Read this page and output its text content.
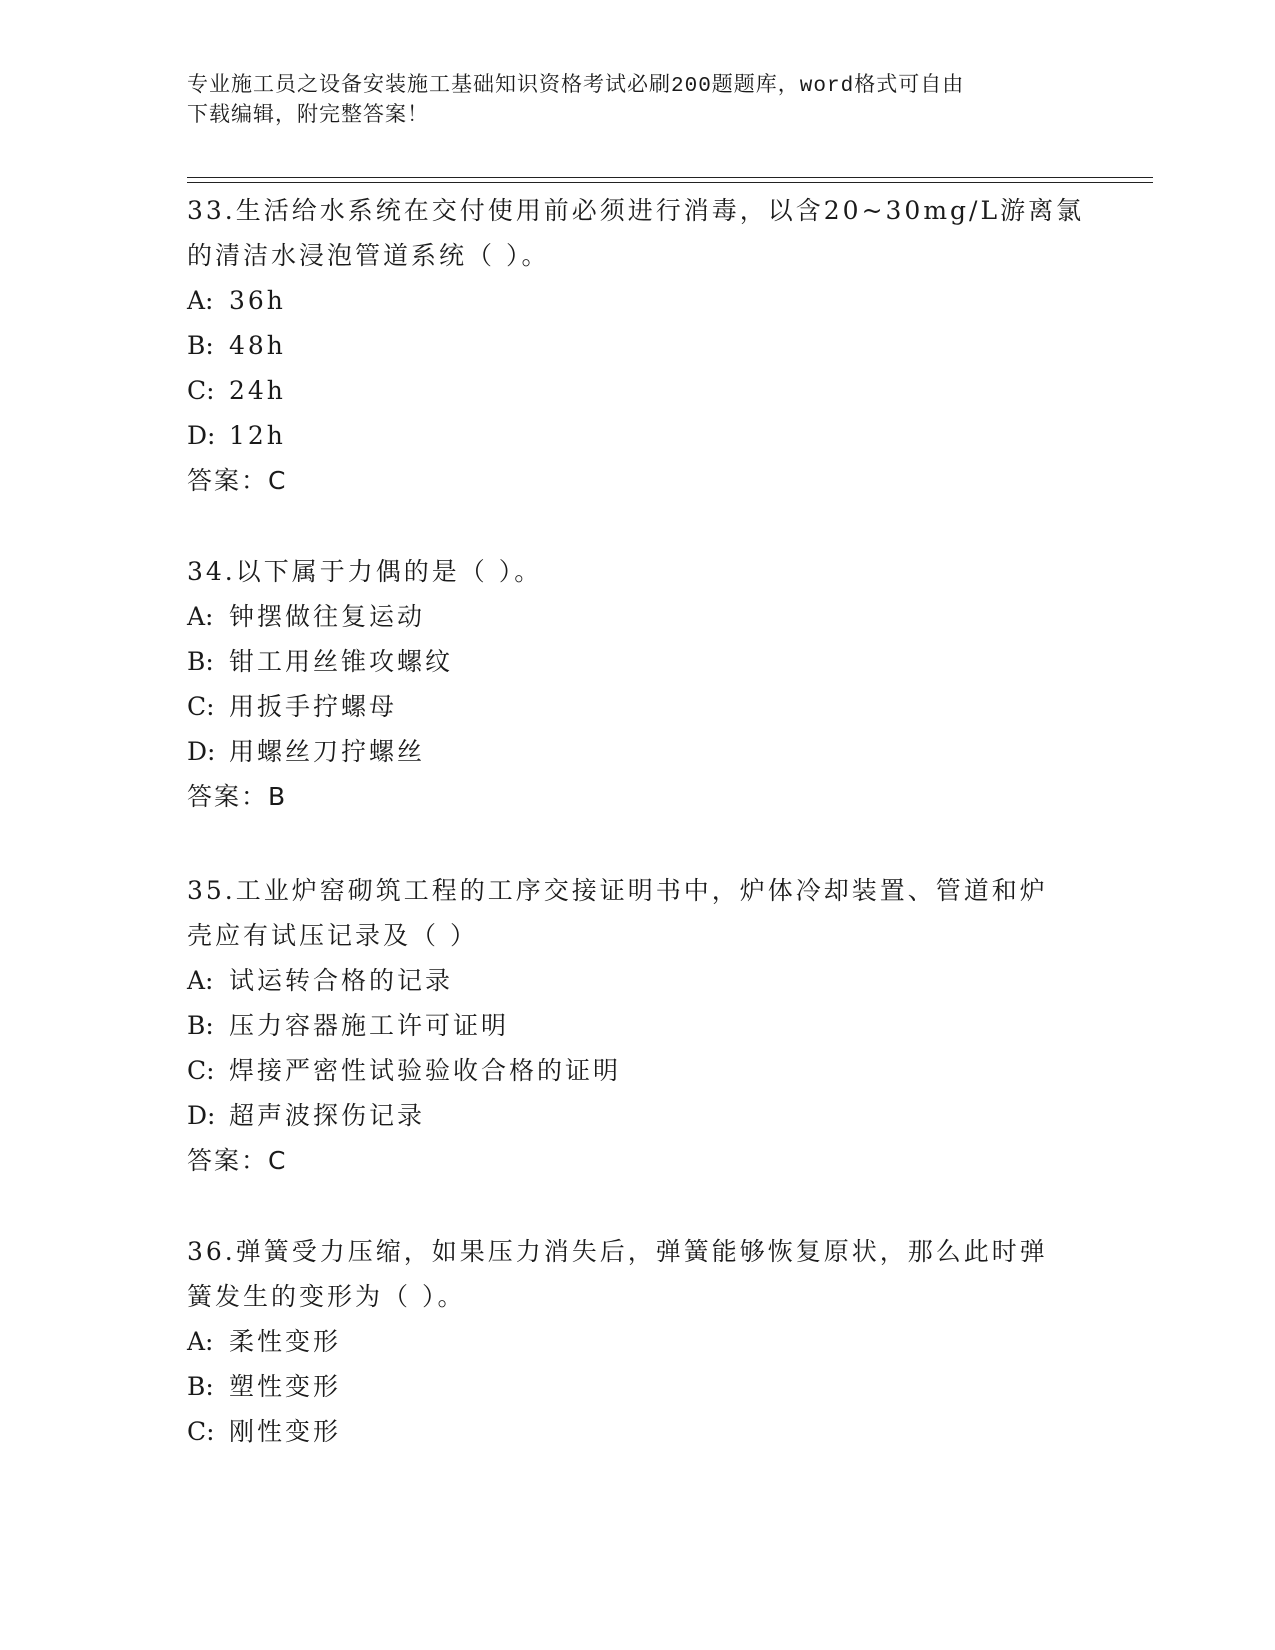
专业施工员之设备安装施工基础知识资格考试必刷200题题库，word格式可自由
下载编辑，附完整答案！

33.生活给水系统在交付使用前必须进行消毒，以含20~30mg/L游离氯

的清洁水浸泡管道系统（ ）。

A: 36h

B: 48h

C: 24h

D: 12h

答案：C

34.以下属于力偶的是（ ）。

A: 钟摆做往复运动

B: 钳工用丝锥攻螺纹

C: 用扳手拧螺母

D: 用螺丝刀拧螺丝

答案：B

35.工业炉窑砌筑工程的工序交接证明书中，炉体冷却装置、管道和炉

壳应有试压记录及（ ）

A: 试运转合格的记录

B: 压力容器施工许可证明

C: 焊接严密性试验验收合格的证明

D: 超声波探伤记录

答案：C

36.弹簧受力压缩，如果压力消失后，弹簧能够恢复原状，那么此时弹

簧发生的变形为（ ）。

A: 柔性变形

B: 塑性变形

C: 刚性变形
